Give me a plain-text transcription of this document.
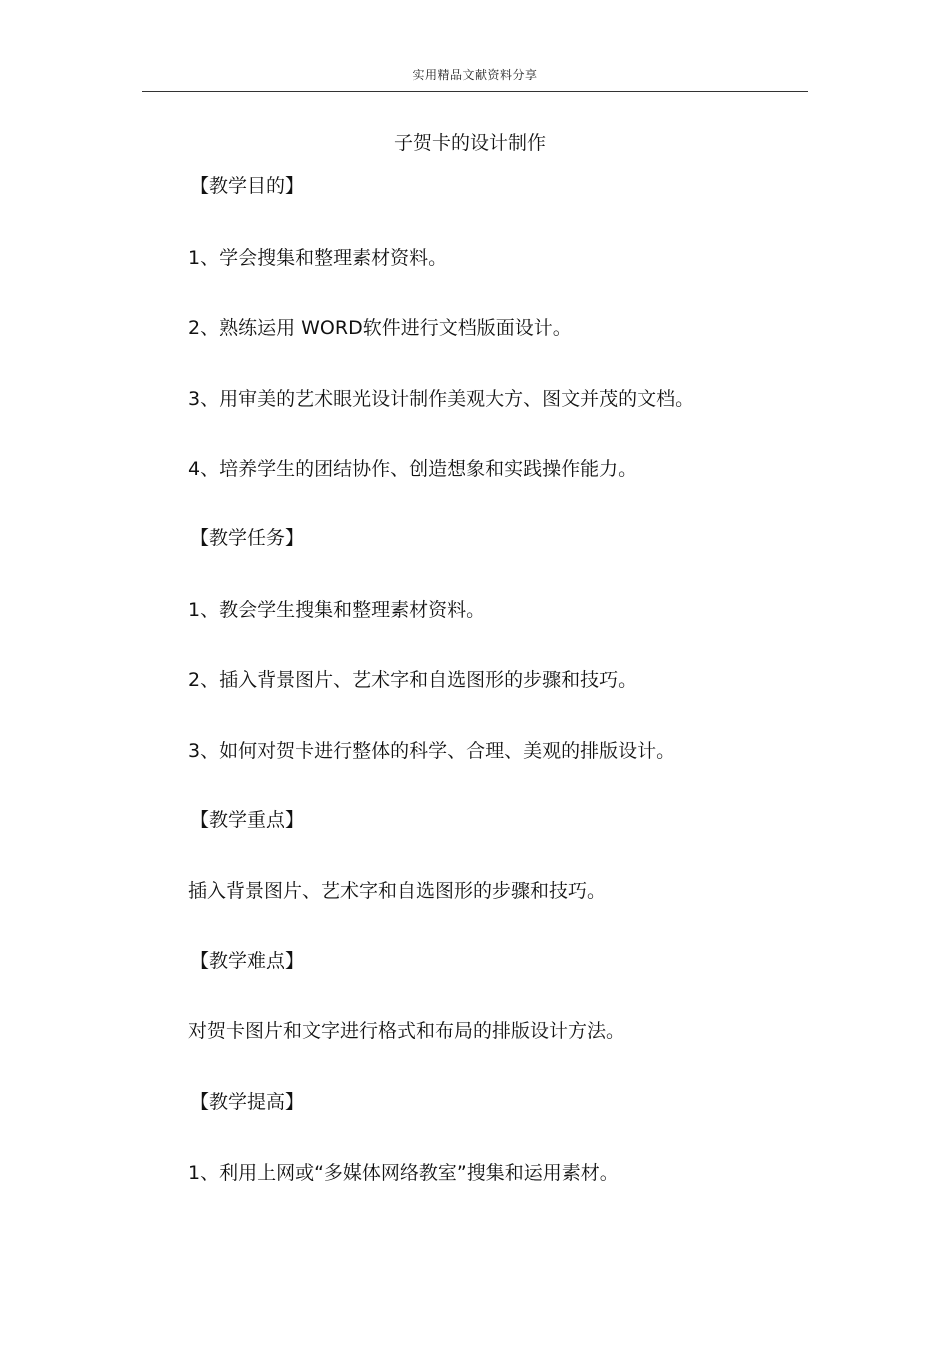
实用精品文献资料分享
子贺卡的设计制作
【教学目的】
1、学会搜集和整理素材资料。
2、熟练运用 WORD软件进行文档版面设计。
3、用审美的艺术眼光设计制作美观大方、图文并茂的文档。
4、培养学生的团结协作、创造想象和实践操作能力。
【教学任务】
1、教会学生搜集和整理素材资料。
2、插入背景图片、艺术字和自选图形的步骤和技巧。
3、如何对贺卡进行整体的科学、合理、美观的排版设计。
【教学重点】
插入背景图片、艺术字和自选图形的步骤和技巧。
【教学难点】
对贺卡图片和文字进行格式和布局的排版设计方法。
【教学提高】
1、利用上网或“多媒体网络教室”搜集和运用素材。
